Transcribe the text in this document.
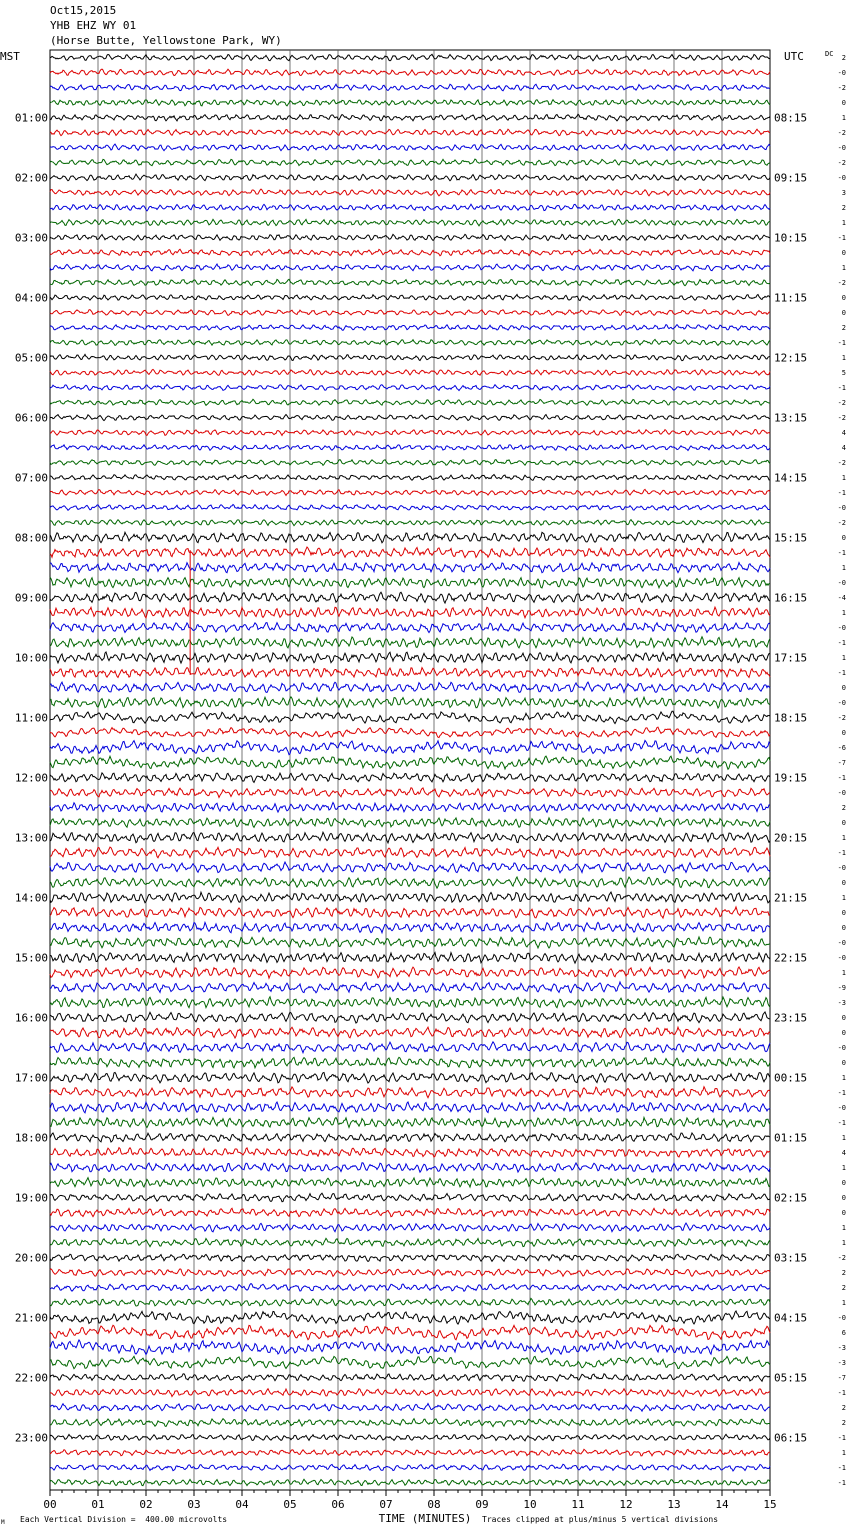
Oct15,2015
YHB EHZ WY 01
(Horse Butte, Yellowstone Park, WY)
MST	UTC	DC
TIME (MINUTES)
2
-0
-2
0
1
-2
-0
-2
-0
3
2
1
-1
0
1
-2
0
0
2
-1
1
5
-1
-2
-2
4
4
-2
1
-1
-0
-2
0
-1
1
-0
-4
1
-0
-1
1
-1
0
-0
-2
0
-6
-7
-1
-0
2
0
1
-1
-0
0
1
0
0
-0
-0
1
-9
-3
0
0
-0
0
1
-1
-0
-1
1
4
1
0
0
0
1
1
-2
2
2
1
-0
6
-3
-3
-7
-1
2
2
-1
1
-1
-1
01:00
02:00
03:00
04:00
05:00
06:00
07:00
08:00
09:00
10:00
11:00
12:00
13:00
14:00
15:00
16:00
17:00
18:00
19:00
20:00
21:00
22:00
23:00
08:15
09:15
10:15
11:15
12:15
13:15
14:15
15:15
16:15
17:15
18:15
19:15
20:15
21:15
22:15
23:15
00:15
01:15
02:15
03:15
04:15
05:15
06:15
00	01	02	03	04	05	06	07	08	09	10	11	12	13	14	15
Each Vertical Division =  400.00 microvolts	Traces clipped at plus/minus 5 vertical divisions
M
